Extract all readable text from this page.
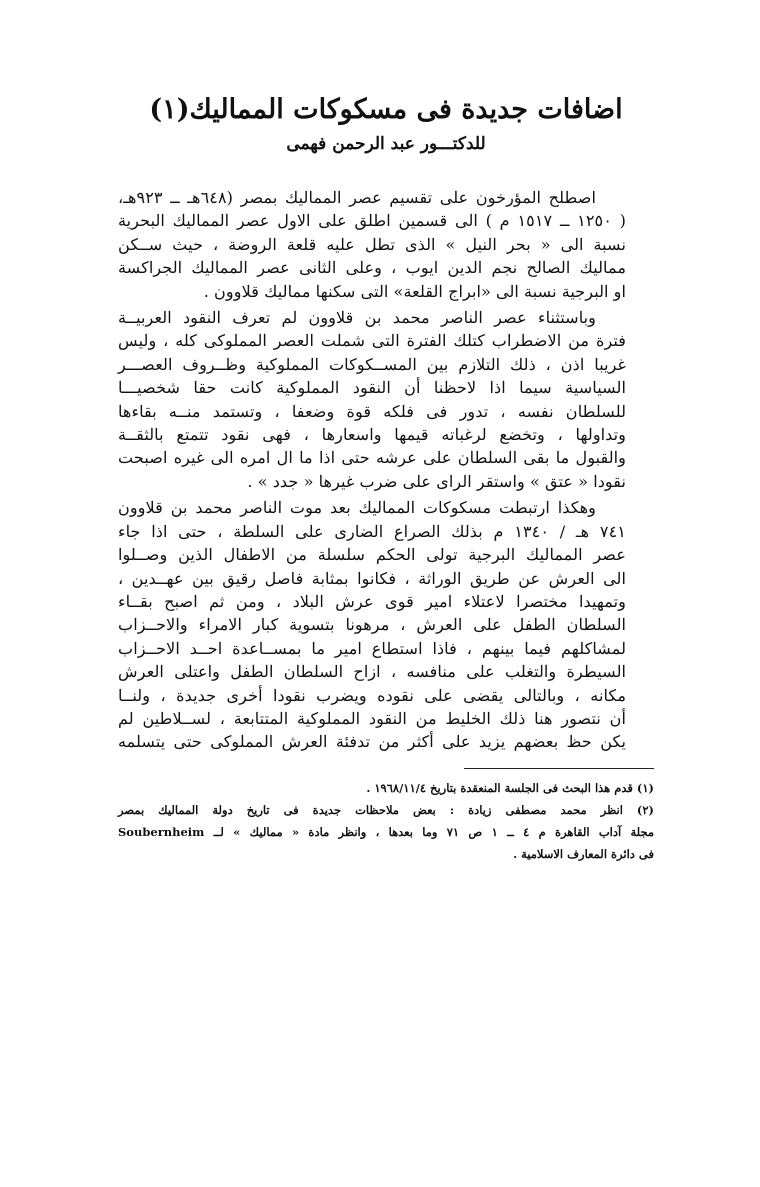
اضافات جديدة فى مسكوكات المماليك(١)
للدكتـــور عبد الرحمن فهمى
اصطلح المؤرخون على تقسيم عصر المماليك بمصر (٦٤٨هـ ــ ٩٢٣هـ،
( ١٢٥٠ ــ ١٥١٧ م ) الى قسمين اطلق على الاول عصر المماليك البحرية
نسبة الى « بحر النيل » الذى تطل عليه قلعة الروضة ، حيث ســكن
مماليك الصالح نجم الدين ايوب ، وعلى الثانى عصر المماليك الجراكسة
او البرجية نسبة الى «ابراج القلعة» التى سكنها مماليك قلاوون .
وباستثناء عصر الناصر محمد بن قلاوون لم تعرف النقود العربيــة
فترة من الاضطراب كتلك الفترة التى شملت العصر المملوكى كله ، وليس
غريبا اذن ، ذلك التلازم بين المســكوكات المملوكية وظــروف العصـــر
السياسية سيما اذا لاحظنا أن النقود المملوكية كانت حقا شخصيـــا
للسلطان نفسه ، تدور فى فلكه قوة وضعفا ، وتستمد منــه بقاءها
وتداولها ، وتخضع لرغباته قيمها واسعارها ، فهى نقود تتمتع بالثقــة
والقبول ما بقى السلطان على عرشه حتى اذا ما ال امره الى غيره اصبحت
نقودا « عتق » واستقر الراى على ضرب غيرها « جدد » .
وهكذا ارتبطت مسكوكات المماليك بعد موت الناصر محمد بن قلاوون
٧٤١ هـ / ١٣٤٠ م بذلك الصراع الضارى على السلطة ، حتى اذا جاء
عصر المماليك البرجية تولى الحكم سلسلة من الاطفال الذين وصــلوا
الى العرش عن طريق الوراثة ، فكانوا بمثابة فاصل رقيق بين عهــدين ،
وتمهيدا مختصرا لاعتلاء امير قوى عرش البلاد ، ومن ثم اصبح بقــاء
السلطان الطفل على العرش ، مرهونا بتسوية كبار الامراء والاحــزاب
لمشاكلهم فيما بينهم ، فاذا استطاع امير ما بمســاعدة احــد الاحــزاب
السيطرة والتغلب على منافسه ، ازاح السلطان الطفل واعتلى العرش
مكانه ، وبالتالى يقضى على نقوده ويضرب نقودا أخرى جديدة ، ولنــا
أن نتصور هنا ذلك الخليط من النقود المملوكية المتتابعة ، لســلاطين لم
يكن حظ بعضهم يزيد على أكثر من تدفئة العرش المملوكى حتى يتسلمه
(١) قدم هذا البحث فى الجلسة المنعقدة بتاريخ ١٩٦٨/١١/٤ .
(٢) انظر محمد مصطفى زيادة : بعض ملاحظات جديدة فى تاريخ دولة المماليك بمصر
مجلة آداب القاهرة م ٤ ــ ١ ص ٧١ وما بعدها ، وانظر مادة « مماليك » لــ Soubernheim
فى دائرة المعارف الاسلامية .
